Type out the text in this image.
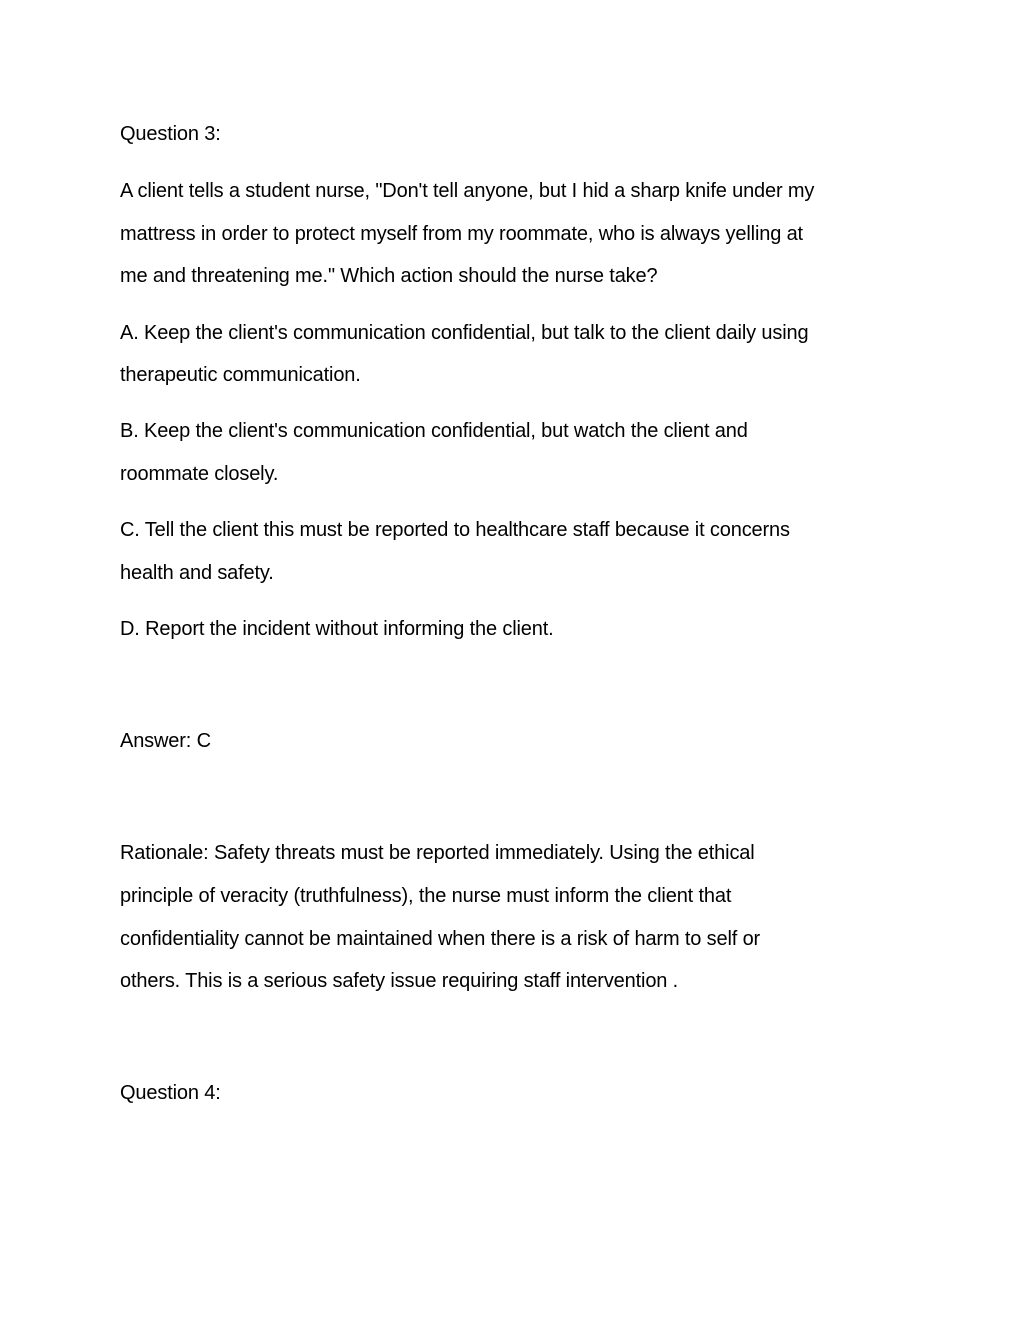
Question 3:
A client tells a student nurse, "Don't tell anyone, but I hid a sharp knife under my
mattress in order to protect myself from my roommate, who is always yelling at
me and threatening me." Which action should the nurse take?
A. Keep the client's communication confidential, but talk to the client daily using
therapeutic communication.
B. Keep the client's communication confidential, but watch the client and
roommate closely.
C. Tell the client this must be reported to healthcare staff because it concerns
health and safety.
D. Report the incident without informing the client.
Answer: C
Rationale: Safety threats must be reported immediately. Using the ethical
principle of veracity (truthfulness), the nurse must inform the client that
confidentiality cannot be maintained when there is a risk of harm to self or
others. This is a serious safety issue requiring staff intervention .
Question 4:
